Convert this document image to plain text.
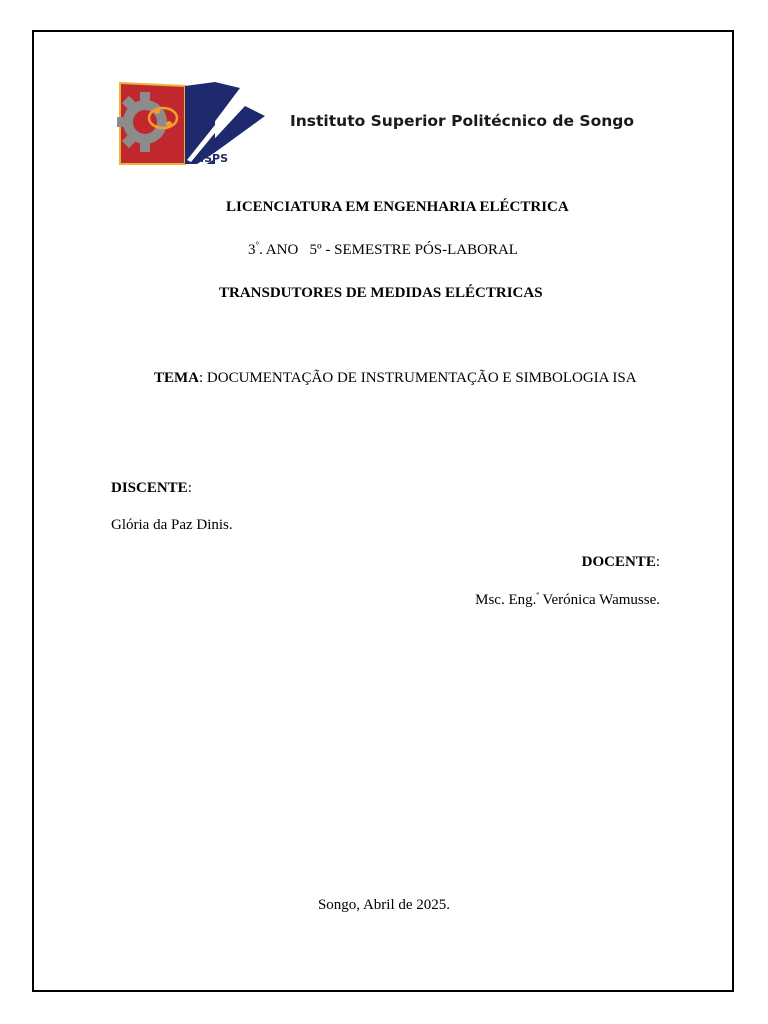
ISPS
Instituto Superior Politécnico de Songo
LICENCIATURA EM ENGENHARIA ELÉCTRICA
3°. ANO   5º - SEMESTRE PÓS-LABORAL
TRANSDUTORES DE MEDIDAS ELÉCTRICAS
TEMA: DOCUMENTAÇÃO DE INSTRUMENTAÇÃO E SIMBOLOGIA ISA
DISCENTE:
Glória da Paz Dinis.
DOCENTE:
Msc. Eng.$^ª$ Verónica Wamusse.
Songo, Abril de 2025.
